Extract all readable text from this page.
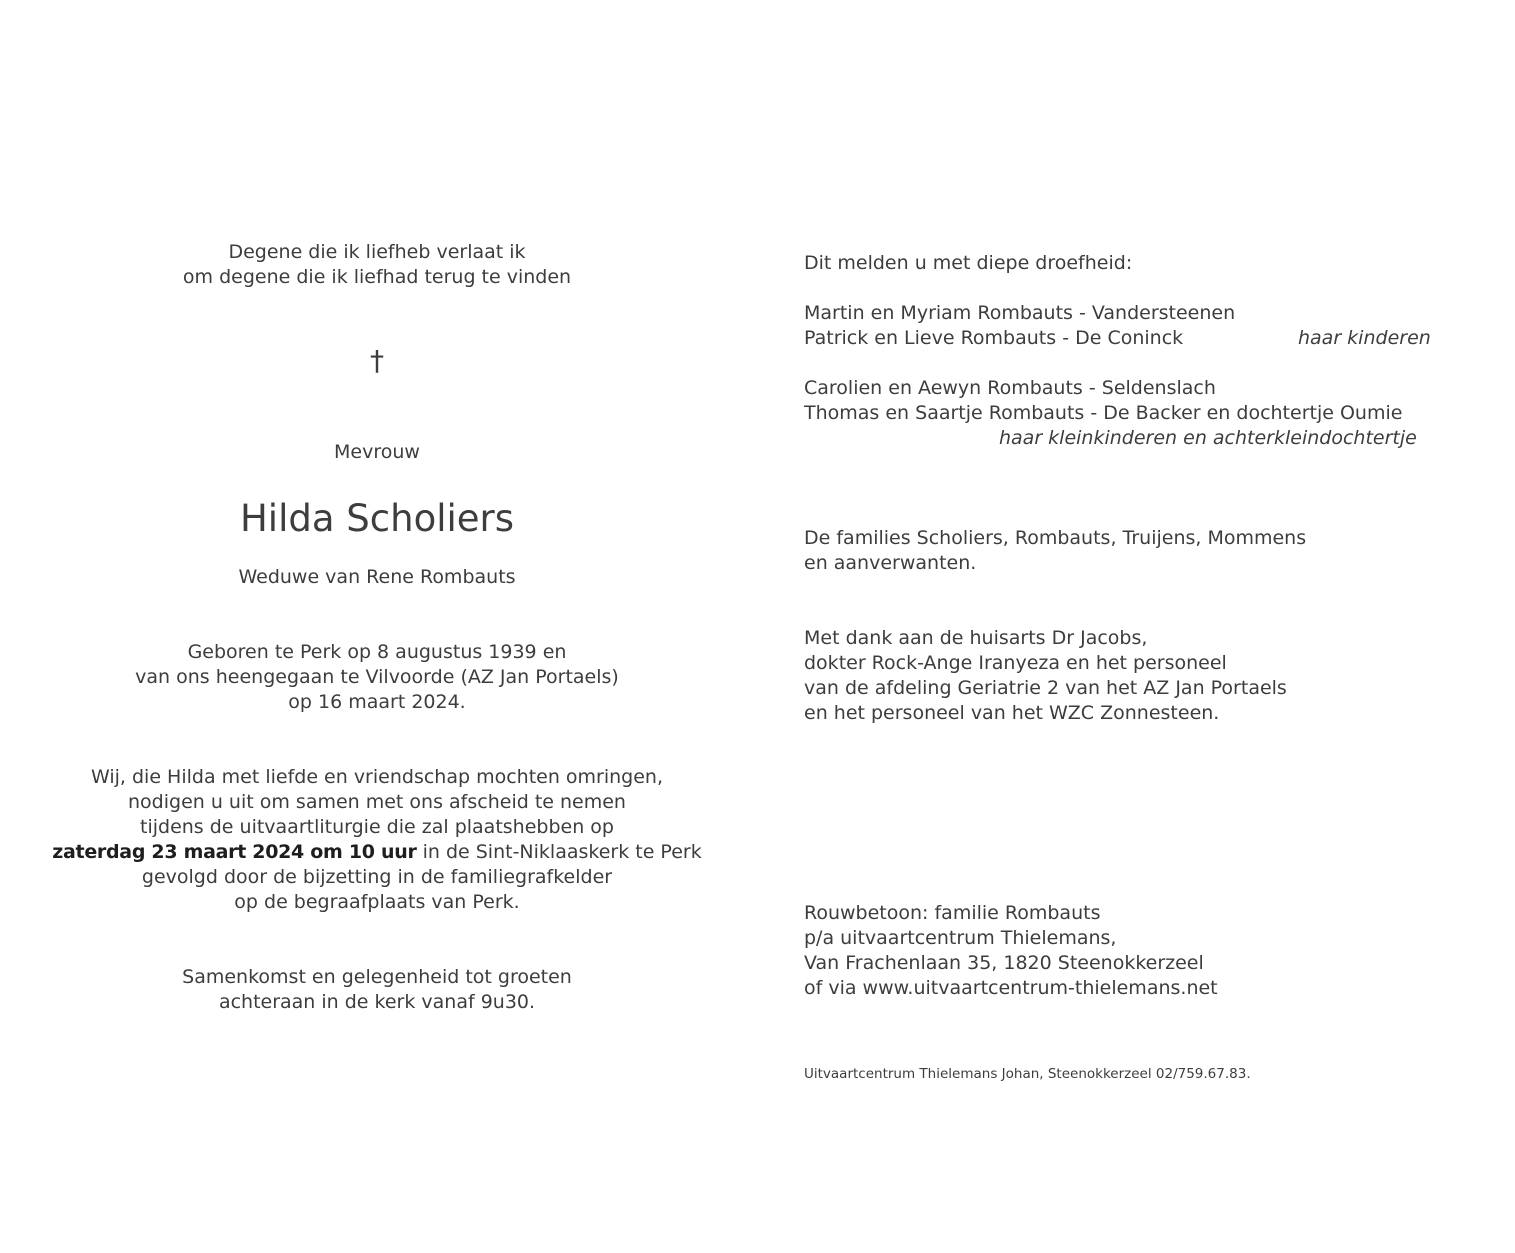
Degene die ik liefheb verlaat ik
om degene die ik liefhad terug te vinden
†
Mevrouw
Hilda Scholiers
Weduwe van Rene Rombauts
Geboren te Perk op 8 augustus 1939 en
van ons heengegaan te Vilvoorde (AZ Jan Portaels)
op 16 maart 2024.
Wij, die Hilda met liefde en vriendschap mochten omringen,
nodigen u uit om samen met ons afscheid te nemen
tijdens de uitvaartliturgie die zal plaatshebben op
zaterdag 23 maart 2024 om 10 uur in de Sint-Niklaaskerk te Perk
gevolgd door de bijzetting in de familiegrafkelder
op de begraafplaats van Perk.
Samenkomst en gelegenheid tot groeten
achteraan in de kerk vanaf 9u30.
Dit melden u met diepe droefheid:
Martin en Myriam Rombauts - Vandersteenen
Patrick en Lieve Rombauts - De Coninck	haar kinderen
Carolien en Aewyn Rombauts - Seldenslach
Thomas en Saartje Rombauts - De Backer en dochtertje Oumie
haar kleinkinderen en achterkleindochtertje
De families Scholiers, Rombauts, Truijens, Mommens
en aanverwanten.
Met dank aan de huisarts Dr Jacobs,
dokter Rock-Ange Iranyeza en het personeel
van de afdeling Geriatrie 2 van het AZ Jan Portaels
en het personeel van het WZC Zonnesteen.
Rouwbetoon: familie Rombauts
p/a uitvaartcentrum Thielemans,
Van Frachenlaan 35, 1820 Steenokkerzeel
of via www.uitvaartcentrum-thielemans.net
Uitvaartcentrum Thielemans Johan, Steenokkerzeel 02/759.67.83.
